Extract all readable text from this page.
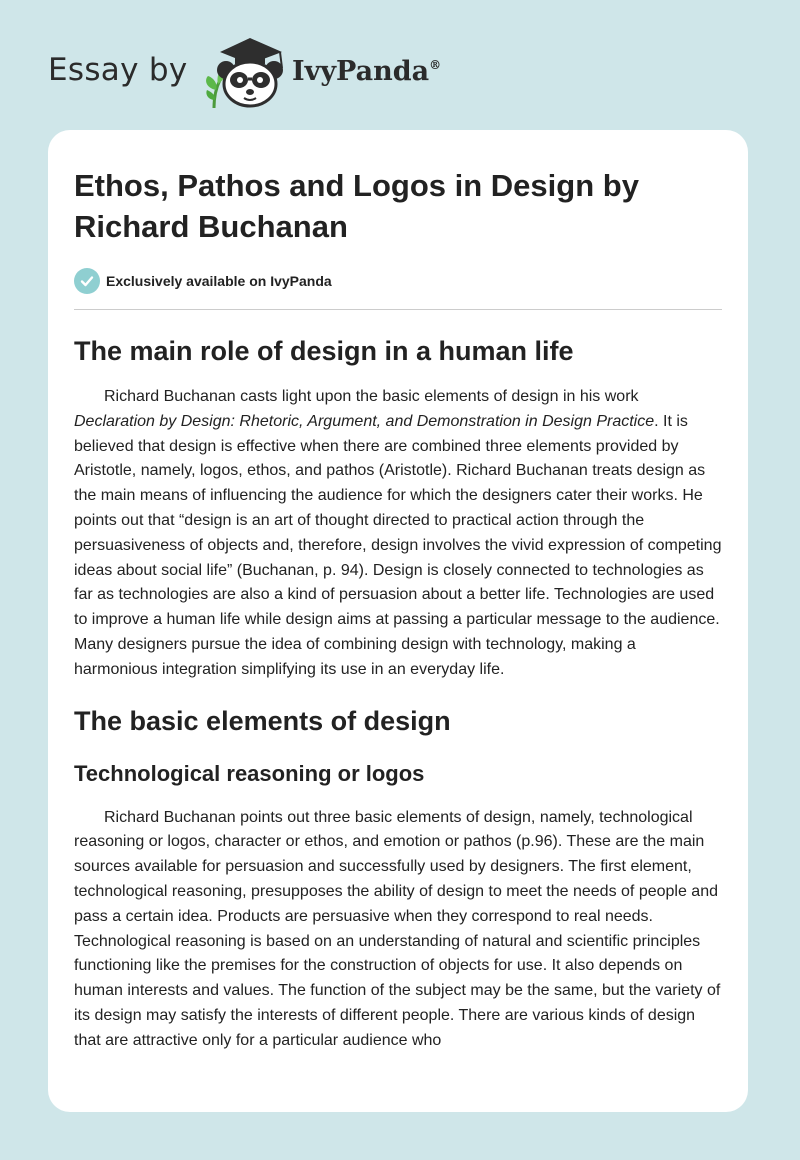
Essay by	IvyPanda®
Ethos, Pathos and Logos in Design by Richard Buchanan
Exclusively available on IvyPanda
The main role of design in a human life

Richard Buchanan casts light upon the basic elements of design in his work Declaration by Design: Rhetoric, Argument, and Demonstration in Design Practice. It is believed that design is effective when there are combined three elements provided by Aristotle, namely, logos, ethos, and pathos (Aristotle). Richard Buchanan treats design as the main means of influencing the audience for which the designers cater their works. He points out that “design is an art of thought directed to practical action through the persuasiveness of objects and, therefore, design involves the vivid expression of competing ideas about social life” (Buchanan, p. 94). Design is closely connected to technologies as far as technologies are also a kind of persuasion about a better life. Technologies are used to improve a human life while design aims at passing a particular message to the audience. Many designers pursue the idea of combining design with technology, making a harmonious integration simplifying its use in an everyday life.

The basic elements of design
Technological reasoning or logos

Richard Buchanan points out three basic elements of design, namely, technological reasoning or logos, character or ethos, and emotion or pathos (p.96). These are the main sources available for persuasion and successfully used by designers. The first element, technological reasoning, presupposes the ability of design to meet the needs of people and pass a certain idea. Products are persuasive when they correspond to real needs. Technological reasoning is based on an understanding of natural and scientific principles functioning like the premises for the construction of objects for use. It also depends on human interests and values. The function of the subject may be the same, but the variety of its design may satisfy the interests of different people. There are various kinds of design that are attractive only for a particular audience who
